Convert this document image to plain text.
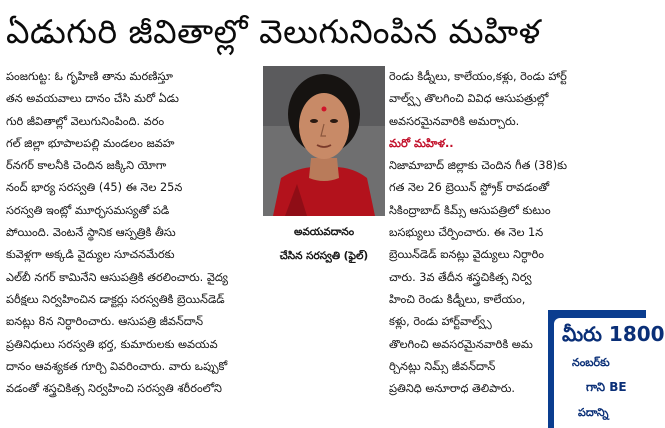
ఏడుగురి జీవితాల్లో వెలుగునింపిన మహిళ
పంజగుట్ట: ఓ గృహిణి తాను మరణిస్తూ
తన అవయవాలు దానం చేసి మరో ఏడు
గురి జీవితాల్లో వెలుగునింపింది. వరం
గల్ జిల్లా భూపాలపల్లి మండలం జవహ
ర్‌నగర్ కాలనీకి చెందిన జక్కిని యోగా
నంద్ భార్య సరస్వతి (45) ఈ నెల 25న
సరస్వతి ఇంట్లో మూర్ఛసమస్యతో పడి
పోయింది. వెంటనే స్థానిక ఆస్పత్రికి తీసు
కువెళ్లగా అక్కడి వైద్యుల సూచనమేరకు
ఎల్‌బీ నగర్ కామినేని ఆసుపత్రికి తరలించారు. వైద్య
పరీక్షలు నిర్వహించిన డాక్టర్లు సరస్వతికి బ్రెయిన్‌డెడ్
ఐనట్లు 8న నిర్ధారించారు. ఆసుపత్రి జీవన్‌దాన్
ప్రతినిధులు సరస్వతి భర్త, కుమారులకు అవయవ
దానం ఆవశ్యకత గూర్చి వివరించారు. వారు ఒప్పుకో
వడంతో శస్త్రచికిత్స నిర్వహించి సరస్వతి శరీరంలోని
అవయవదానం
చేసిన సరస్వతి (ఫైల్)
రెండు కిడ్నీలు, కాలేయం,కళ్లు, రెండు హార్ట్
వాల్వ్స్ తొలగించి వివిధ ఆసుపత్రుల్లో
అవసరమైనవారికి అమర్చారు.
మరో మహిళ..
నిజామాబాద్ జిల్లాకు చెందిన గీత (38)కు
గత నెల 26 బ్రెయిన్ స్ట్రోక్ రావడంతో
సికింద్రాబాద్ కిమ్స్ ఆసుపత్రిలో కుటుం
బసభ్యులు చేర్పించారు. ఈ నెల 1న
బ్రెయిన్‌డెడ్ ఐనట్లు వైద్యులు నిర్ధారిం
చారు. 3వ తేదీన శస్త్రచికిత్స నిర్వ
హించి రెండు కిడ్నీలు, కాలేయం,
కళ్లు, రెండు హార్ట్‌వాల్వ్స్
తొలగించి అవసరమైనవారికి అమ
ర్చినట్లు నిమ్స్ జీవన్‌దాన్
ప్రతినిధి అనూరాధ తెలిపారు.
మీరు 1800
నంబర్‌కు
గాని BE
పదాన్ని
